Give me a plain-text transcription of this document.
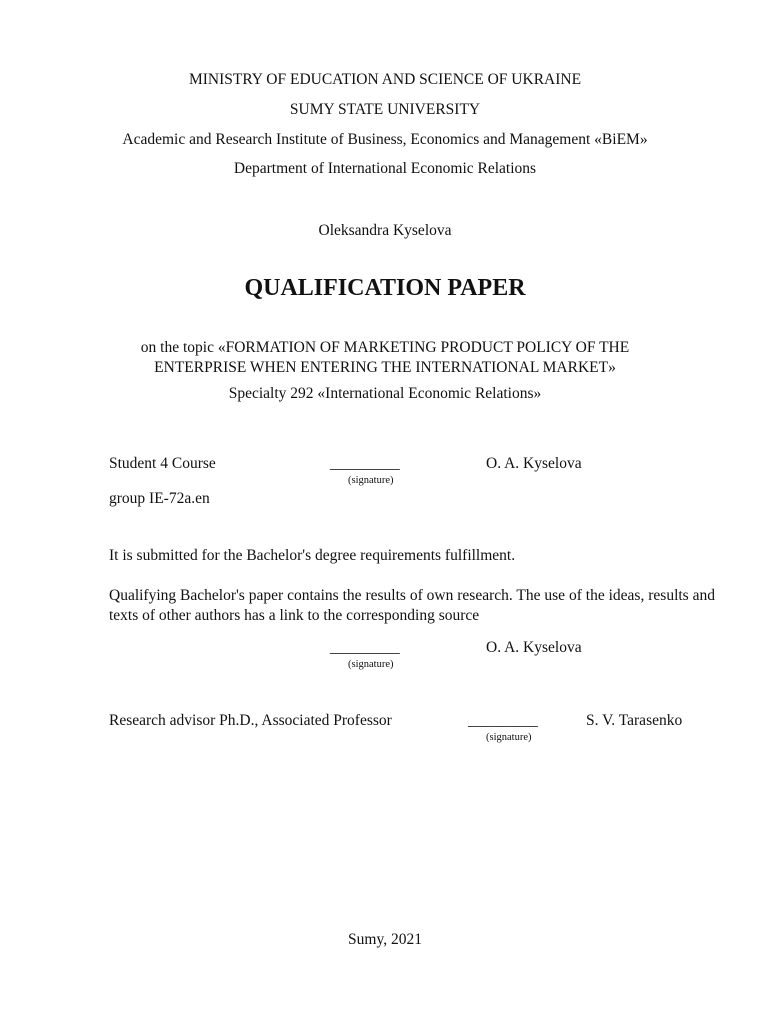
MINISTRY OF EDUCATION AND SCIENCE OF UKRAINE
SUMY STATE UNIVERSITY
Academic and Research Institute of Business, Economics and Management «BiEM»
Department of International Economic Relations
Oleksandra Kyselova
QUALIFICATION PAPER
on the topic «FORMATION OF MARKETING PRODUCT POLICY OF THE
ENTERPRISE WHEN ENTERING THE INTERNATIONAL MARKET»
Specialty 292 «International Economic Relations»
Student 4 Course	_________
(signature)
O. A. Kyselova
group IE-72a.en
It is submitted for the Bachelor's degree requirements fulfillment.
Qualifying Bachelor's paper contains the results of own research. The use of the ideas, results and texts of other authors has a link to the corresponding source
_________
(signature)
O. A. Kyselova
Research advisor Ph.D., Associated Professor	_________
(signature)
S. V. Tarasenko
Sumy, 2021
